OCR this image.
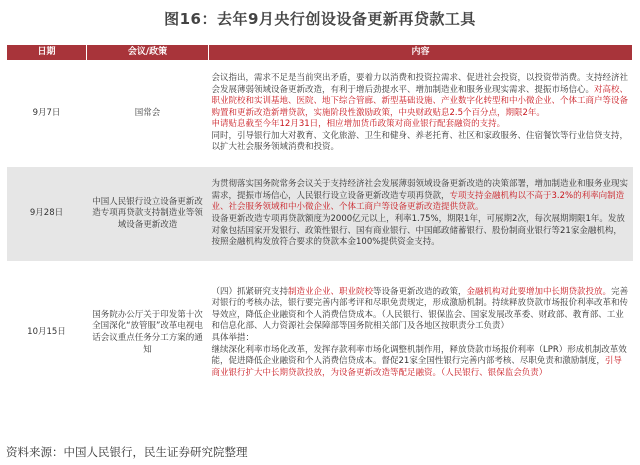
图16：去年9月央行创设设备更新再贷款工具
日期	会议/政策	内容
9月7日	国常会	会议指出，需求不足是当前突出矛盾，要着力以消费和投资拉需求、促进社会投资，以投资带消费。支持经济社会发展薄弱领域设备更新改造，有利于增后劲提水平、增加制造业和服务业现实需求、提振市场信心。对高校、职业院校和实训基地、医院、地下综合管廊、新型基础设施、产业数字化转型和中小微企业、个体工商户等设备购置和更新改造新增贷款，实施阶段性激励政策，中央财政贴息2.5个百分点，期限2年。

申请贴息截至今年12月31日，相应增加货币政策对商业银行配套融资的支持。

同时，引导银行加大对教育、文化旅游、卫生和健身、养老托育、社区和家政服务、住宿餐饮等行业信贷支持，以扩大社会服务领域消费和投资。

9月28日	中国人民银行设立设备更新改造专项再贷款支持制造业等领域设备更新改造	为贯彻落实国务院常务会议关于支持经济社会发展薄弱领域设备更新改造的决策部署，增加制造业和服务业现实需求，提振市场信心，人民银行设立设备更新改造专项再贷款，专项支持金融机构以不高于3.2%的利率向制造业、社会服务领域和中小微企业、个体工商户等设备更新改造提供贷款。

设备更新改造专项再贷款额度为2000亿元以上，利率1.75%，期限1年，可展期2次，每次展期期限1年。发放对象包括国家开发银行、政策性银行、国有商业银行、中国邮政储蓄银行、股份制商业银行等21家金融机构，按照金融机构发放符合要求的贷款本金100%提供资金支持。

10月15日	国务院办公厅关于印发第十次全国深化“放管服”改革电视电话会议重点任务分工方案的通知	（四）抓紧研究支持制造业企业、职业院校等设备更新改造的政策，金融机构对此要增加中长期贷款投放。完善对银行的考核办法，银行要完善内部考评和尽职免责规定，形成激励机制。持续释放贷款市场报价利率改革和传导效应，降低企业融资和个人消费信贷成本。（人民银行、银保监会、国家发展改革委、财政部、教育部、工业和信息化部、人力资源社会保障部等国务院相关部门及各地区按职责分工负责）

具体举措：

继续深化利率市场化改革，发挥存款利率市场化调整机制作用，释放贷款市场报价利率（LPR）形成机制改革效能，促进降低企业融资和个人消费信贷成本。督促21家全国性银行完善内部考核、尽职免责和激励制度，引导商业银行扩大中长期贷款投放，为设备更新改造等配足融资。（人民银行、银保监会负责）

资料来源：中国人民银行，民生证券研究院整理
